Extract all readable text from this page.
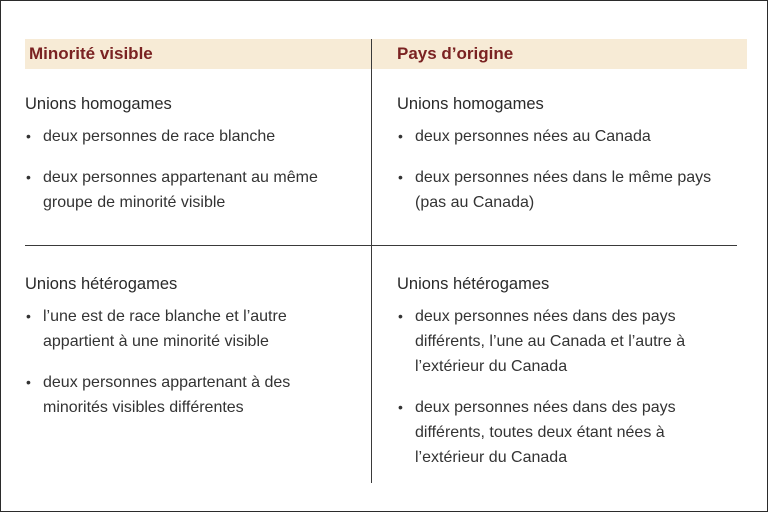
Minorité visible	Pays d’origine
Unions homogames
• deux personnes de race blanche
• deux personnes appartenant au même groupe de minorité visible
Unions homogames
• deux personnes nées au Canada
• deux personnes nées dans le même pays (pas au Canada)
Unions hétérogames
• l’une est de race blanche et l’autre appartient à une minorité visible
• deux personnes appartenant à des minorités visibles différentes
Unions hétérogames
• deux personnes nées dans des pays différents, l’une au Canada et l’autre à l’extérieur du Canada
• deux personnes nées dans des pays différents, toutes deux étant nées à l’extérieur du Canada
